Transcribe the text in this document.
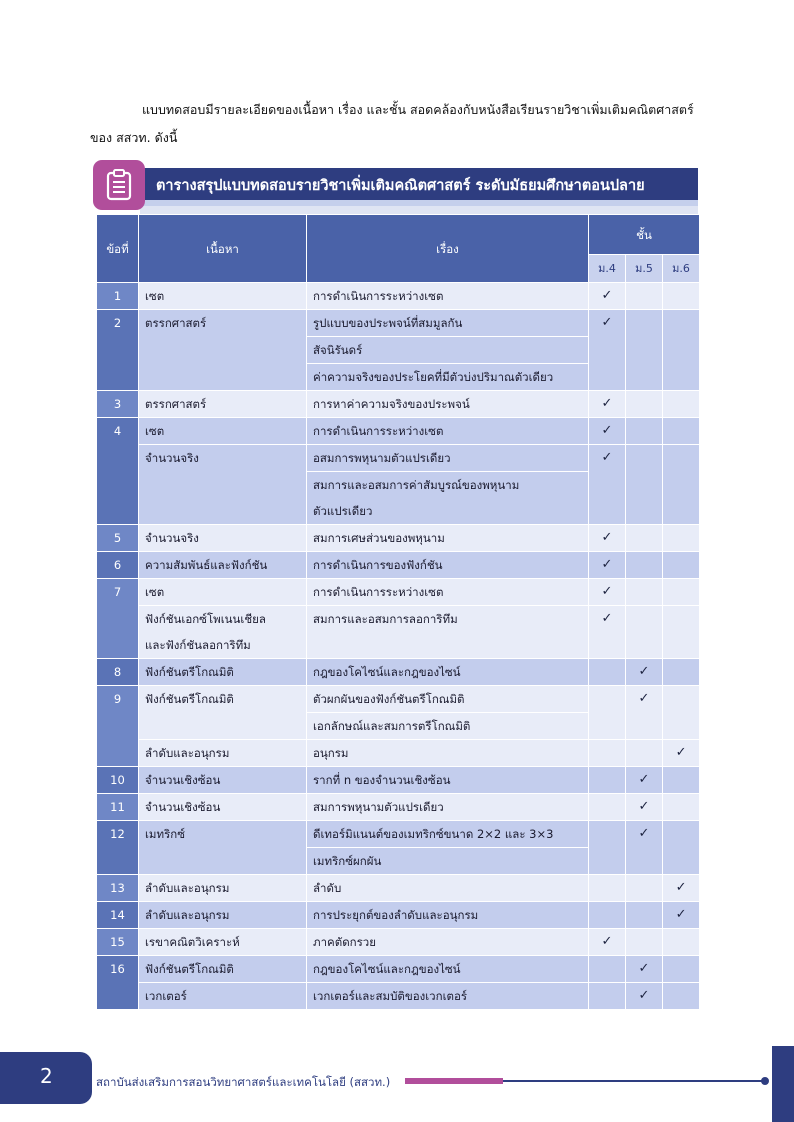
แบบทดสอบมีรายละเอียดของเนื้อหา เรื่อง และชั้น สอดคล้องกับหนังสือเรียนรายวิชาเพิ่มเติมคณิตศาสตร์
ของ สสวท. ดังนี้
ตารางสรุปแบบทดสอบรายวิชาเพิ่มเติมคณิตศาสตร์ ระดับมัธยมศึกษาตอนปลาย
ข้อที่	เนื้อหา	เรื่อง	ชั้น		
			ม.4	ม.5	ม.6
1	เซต	การดำเนินการระหว่างเซต	✓		
2	ตรรกศาสตร์	รูปแบบของประพจน์ที่สมมูลกัน
สัจนิรันดร์
ค่าความจริงของประโยคที่มีตัวบ่งปริมาณตัวเดียว	✓		
3	ตรรกศาสตร์	การหาค่าความจริงของประพจน์	✓		
4	เซต	การดำเนินการระหว่างเซต	✓		
	จำนวนจริง	อสมการพหุนามตัวแปรเดียว
สมการและอสมการค่าสัมบูรณ์ของพหุนาม
ตัวแปรเดียว	✓		
5	จำนวนจริง	สมการเศษส่วนของพหุนาม	✓		
6	ความสัมพันธ์และฟังก์ชัน	การดำเนินการของฟังก์ชัน	✓		
7	เซต	การดำเนินการระหว่างเซต	✓		

	ฟังก์ชันเอกซ์โพเนนเชียล
และฟังก์ชันลอการิทึม	สมการและอสมการลอการิทึม	✓		
8	ฟังก์ชันตรีโกณมิติ	กฎของโคไซน์และกฎของไซน์		✓	
9	ฟังก์ชันตรีโกณมิติ	ตัวผกผันของฟังก์ชันตรีโกณมิติ
เอกลักษณ์และสมการตรีโกณมิติ		✓	
	ลำดับและอนุกรม	อนุกรม			✓
10	จำนวนเชิงซ้อน	รากที่ n ของจำนวนเชิงซ้อน		✓	
11	จำนวนเชิงซ้อน	สมการพหุนามตัวแปรเดียว		✓	
12	เมทริกซ์	ดีเทอร์มิแนนต์ของเมทริกซ์ขนาด 2×2 และ 3×3
เมทริกซ์ผกผัน		✓	
13	ลำดับและอนุกรม	ลำดับ			✓
14	ลำดับและอนุกรม	การประยุกต์ของลำดับและอนุกรม			✓
15	เรขาคณิตวิเคราะห์	ภาคตัดกรวย	✓		
16	ฟังก์ชันตรีโกณมิติ	กฎของโคไซน์และกฎของไซน์		✓	
	เวกเตอร์	เวกเตอร์และสมบัติของเวกเตอร์		✓	
2	สถาบันส่งเสริมการสอนวิทยาศาสตร์และเทคโนโลยี (สสวท.)
